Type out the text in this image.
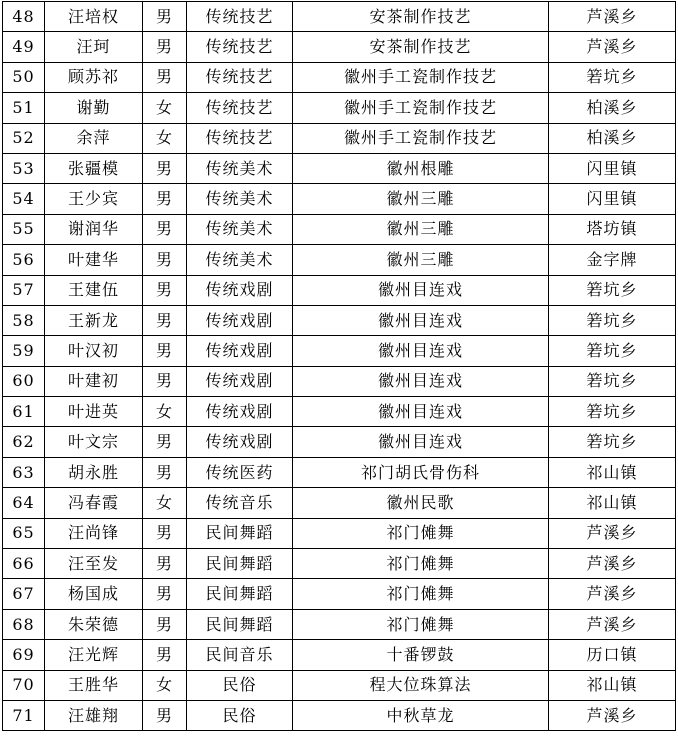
48	汪培权	男	传统技艺	安茶制作技艺	芦溪乡
49	汪珂	男	传统技艺	安茶制作技艺	芦溪乡
50	顾苏祁	男	传统技艺	徽州手工瓷制作技艺	箬坑乡
51	谢勤	女	传统技艺	徽州手工瓷制作技艺	柏溪乡
52	余萍	女	传统技艺	徽州手工瓷制作技艺	柏溪乡
53	张疆模	男	传统美术	徽州根雕	闪里镇
54	王少宾	男	传统美术	徽州三雕	闪里镇
55	谢润华	男	传统美术	徽州三雕	塔坊镇
56	叶建华	男	传统美术	徽州三雕	金字牌
57	王建伍	男	传统戏剧	徽州目连戏	箬坑乡
58	王新龙	男	传统戏剧	徽州目连戏	箬坑乡
59	叶汉初	男	传统戏剧	徽州目连戏	箬坑乡
60	叶建初	男	传统戏剧	徽州目连戏	箬坑乡
61	叶进英	女	传统戏剧	徽州目连戏	箬坑乡
62	叶文宗	男	传统戏剧	徽州目连戏	箬坑乡
63	胡永胜	男	传统医药	祁门胡氏骨伤科	祁山镇
64	冯春霞	女	传统音乐	徽州民歌	祁山镇
65	汪尚锋	男	民间舞蹈	祁门傩舞	芦溪乡
66	汪至发	男	民间舞蹈	祁门傩舞	芦溪乡
67	杨国成	男	民间舞蹈	祁门傩舞	芦溪乡
68	朱荣德	男	民间舞蹈	祁门傩舞	芦溪乡
69	汪光辉	男	民间音乐	十番锣鼓	历口镇
70	王胜华	女	民俗	程大位珠算法	祁山镇
71	汪雄翔	男	民俗	中秋草龙	芦溪乡
